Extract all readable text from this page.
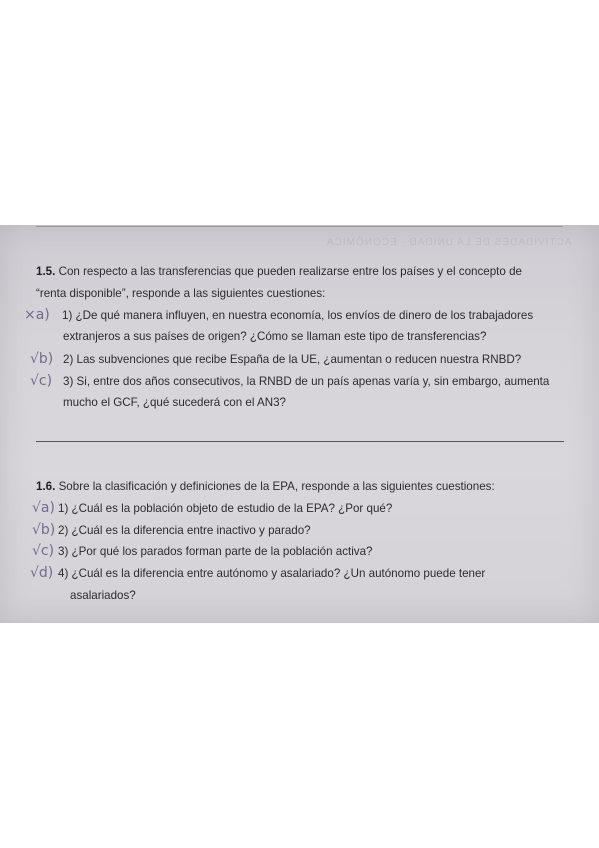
ACTIVIDADES DE LA UNIDAD · ECONÓMICA
1.5. Con respecto a las transferencias que pueden realizarse entre los países y el concepto de
“renta disponible”, responde a las siguientes cuestiones:
×a) 1) ¿De qué manera influyen, en nuestra economía, los envíos de dinero de los trabajadores
extranjeros a sus países de origen? ¿Cómo se llaman este tipo de transferencias?
√b) 2) Las subvenciones que recibe España de la UE, ¿aumentan o reducen nuestra RNBD?
√c) 3) Si, entre dos años consecutivos, la RNBD de un país apenas varía y, sin embargo, aumenta
mucho el GCF, ¿qué sucederá con el AN3?
1.6. Sobre la clasificación y definiciones de la EPA, responde a las siguientes cuestiones:
√a) 1) ¿Cuál es la población objeto de estudio de la EPA? ¿Por qué?
√b) 2) ¿Cuál es la diferencia entre inactivo y parado?
√c) 3) ¿Por qué los parados forman parte de la población activa?
√d) 4) ¿Cuál es la diferencia entre autónomo y asalariado? ¿Un autónomo puede tener
asalariados?
